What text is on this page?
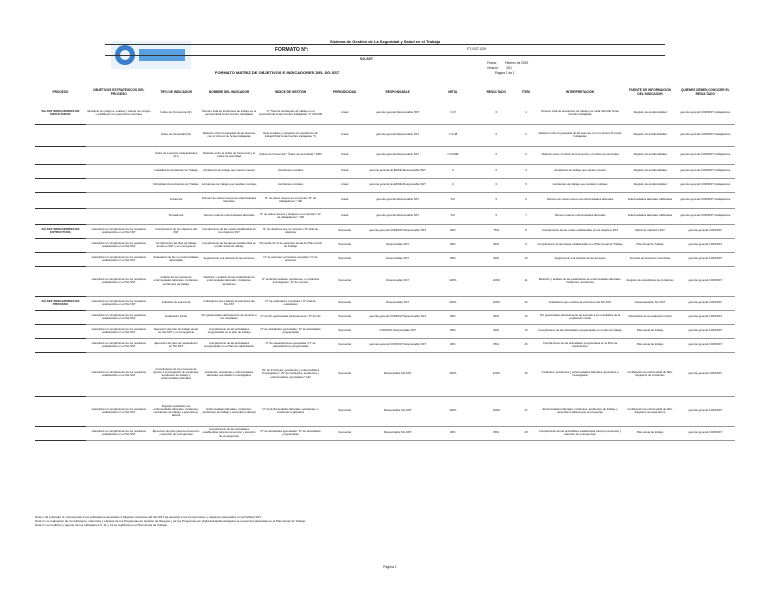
Sistema de Gestión de La Seguridad y Salud en el Trabajo
FORMATO N°:	FT-SST-029
SG-SST
FORMATO MATRIZ DE OBJETIVOS E INDICADORES DEL SG-SST
Fecha:	Febrero de 2019
Versión:	001
Página 1 de 1
PROCESO	OBJETIVOS ESTRATEGICOS DEL PROCESO	TIPO DE INDICADOR	NOMBRE DEL INDICADOR	INDICE DE GESTIÓN	PERIODICIDAD	RESPONSABLE	META	RESULTADO	ÍTEM	INTERPRETACIÓN	FUENTE DE INFORMACIÓN DEL INDICADOR	QUIENES DEBEN CONOCER EL RESULTADO
SG-SST INDICADORES DE RESULTADOS	Identificar los peligros, evaluar y valorar los riesgos y establecer los respectivos controles	Índice de Frecuencia (IF)	Número total de accidentes de trabajo en el periodo/Total horas hombre trabajadas	N° Total de accidentes de trabajo en el periodo/Total horas hombre trabajadas * K 240.000	Anual	gerente general Responsable SST	<=17	0	1	Número total de accidentes de trabajo por cada 240.000 horas hombre trabajadas	Registro de accidentalidad	gerente general COPASST trabajadores
		Índice de Severidad (IS)	Relación entre la gravedad de las lesiones con el número de horas trabajadas	Días perdidos y cargados por accidentes de trabajo/Total horas hombre trabajadas * K	Anual	gerente general Responsable SST	<=0.48	0	2	Relación entre la gravedad de las lesiones con el número de horas trabajadas	Registro de accidentalidad	gerente general COPASST trabajadores
		Índice de Lesiones Incapacitantes (ILI)	Relación entre el índice de frecuencia y el índice de severidad	(Índice de frecuencia * Índice de severidad) / 1000	Anual	gerente general Responsable SST	<=0.0082	0	3	Relación entre el índice de frecuencia y el índice de severidad	Registro de accidentalidad	gerente general COPASST trabajadores
		Letalidad de Accidentes de Trabajo	Accidentes de trabajo que causan muerte	Accidentes mortales	Anual	gerente general de ERNIH Responsable SST	0	0	4	Accidentes de trabajo que causan muerte	Registro de accidentalidad	gerente general COPASST trabajadores
		Mortalidad de Accidentes de Trabajo	Accidentes de trabajo que resultan mortales	Accidentes mortales	Anual	gerente general de ERNIH Responsable SST	0	0	5	Accidentes de trabajo que resultan mortales	Registro de accidentalidad	gerente general COPASST trabajadores
		Incidencia	Número de casos nuevos de enfermedades laborales	N° de casos nuevos en el periodo / N° de trabajadores * 100	Anual	gerente general Responsable SST	0%	0	6	Número de casos nuevos de enfermedades laborales	Enfermedades laborales calificadas	gerente general COPASST trabajadores
		Prevalencia	Número total de enfermedades laborales	N° de casos nuevos y antiguos en el periodo / N° de trabajadores * 100	Anual	gerente general Responsable SST	0%	0	7	Número total de enfermedades laborales	Enfermedades laborales calificadas	gerente general COPASST trabajadores
SG-SST INDICADORES DE ESTRUCTURA	Garantizar el cumplimiento de los requisitos establecidos en el SG-SST	Cumplimiento de los objetivos del SST	Cumplimiento de las metas establecidas en los objetivos SST	N° de objetivos que se cumplen / N° total de objetivos	Semestral	gerente general COPASST Responsable SST	90%	75%	8	Cumplimiento de las metas establecidas en los objetivos SST	Matriz de objetivos SST	gerente general COPASST
	Garantizar el cumplimiento de los requisitos establecidos en el SG-SST	Cumplimiento del plan de trabajo anual en SST y su cronograma	Cumplimiento de las tareas establecidas en el plan anual de trabajo	Promedio de % de ejecución anual del Plan Anual de Trabajo	Semestral	Responsable SST	90%	86%	9	Cumplimiento de las tareas establecidas en el Plan Anual de Trabajo	Plan Anual de Trabajo	gerente general COPASST
	Garantizar el cumplimiento de los requisitos establecidos en el SG-SST	Evaluación de las no conformidades detectadas	Seguimiento a la eficacia de las acciones	N° de acciones correctivas cerradas / N° de acciones	Semestral	Responsable SST	90%	80%	10	Seguimiento a la eficacia de las acciones	Formato de acciones correctivas	gerente general COPASST
	Garantizar el cumplimiento de los requisitos establecidos en el SG-SST	Análisis de las causas de enfermedades laborales, incidentes, accidentes de trabajo	Medición y análisis de las estadísticas de enfermedades laborales, incidentes, accidentes	N° de Enfermedades, accidentes, e incidentes investigados / N° de eventos	Semestral	Responsable SST	100%	100%	11	Medición y análisis de las estadísticas de enfermedades laborales, incidentes, accidentes	Registro de estadísticas de incidentes	gerente general COPASST
SG-SST INDICADORES DE PROCESO	Garantizar el cumplimiento de los requisitos establecidos en el SG-SST	Indicador de estructura	Indicadores que evalúan la estructura del SG-SST	N° de estándares cumplidos / N° total de estándares	Semestral	Responsable SST	100%	100%	12	Indicadores que evalúan la estructura del SG-SST	Autoevaluación SG-SST	gerente general COPASST
	Garantizar el cumplimiento de los requisitos establecidos en el SG-SST	Evaluación Inicial	NC gestionadas efectivamente de acuerdo a los resultados	N° de NC gestionadas efectivamente / N° de NC	Semestral	gerente general COPASST Responsable SST	90%	86%	13	NC gestionadas efectivamente de acuerdo a los resultados de la evaluación inicial	Resultados de la evaluación inicial	gerente general COPASST
	Garantizar el cumplimiento de los requisitos establecidos en el SG-SST	Ejecución del plan de trabajo anual en SG-SST y su cronograma	Cumplimiento de las actividades programadas en el plan de trabajo	N° de actividades ejecutadas / N° de actividades programadas	Semestral	COPASST Responsable SST	90%	80%	14	Cumplimiento de las actividades programadas en el plan de trabajo	Plan anual de trabajo	gerente general COPASST
	Garantizar el cumplimiento de los requisitos establecidos en el SG-SST	Ejecución del plan de capacitación en SG-SST	Cumplimiento de las actividades programadas en el Plan de capacitación	N° de capacitaciones ejecutadas / N° de capacitaciones programadas	Semestral	gerente general COPASST Responsable SST	90%	86%	15	Cumplimiento de las actividades programadas en el Plan de capacitación	Plan anual de trabajo	gerente general COPASST
	Garantizar el cumplimiento de los requisitos establecidos en el SG-SST	Cumplimiento de los procesos de reporte e investigación de incidentes, accidentes de trabajo y enfermedades laborales	Incidentes, accidentes y enfermedades laborales reportados e investigados	(N° de Incidentes, accidentes y enfermedades investigados) / (N° de incidentes, accidentes y enfermedades reportados) * 100	Semestral	Responsable SG-SST	100%	100%	16	Incidentes, accidentes y enfermedades laborales reportados e investigados	Certificación de enfermedad de ARL, Registros de incidentes	gerente general COPASST
	Garantizar el cumplimiento de los requisitos establecidos en el SG-SST	Registro estadístico de enfermedades laborales, incidentes, accidentes de trabajo y ausentismo laboral	Enfermedades laborales, incidentes, accidentes de trabajo y ausentismo laboral	N° de Enfermedades laborales, accidentes, e incidentes registrados	Semestral	Responsable SG-SST	100%	100%	17	Enfermedades laborales, incidentes, accidentes de trabajo y ausentismo laboral que se presentan	Certificación de enfermedad de ARL, Registros de ausentismo	gerente general COPASST
	Garantizar el cumplimiento de los requisitos establecidos en el SG-SST	Ejecución del plan para la prevención y atención de emergencias	Cumplimiento de las actividades establecidas para la prevención y atención de emergencias	N° de actividades ejecutadas / N° de actividades programadas	Semestral	Responsable SG-SST	90%	80%	18	Cumplimiento de las actividades establecidas para la prevención y atención de emergencias	Plan anual de trabajo	gerente general COPASST
Nota 1: El indicador IL corresponde a los indicadores asociados a Mejoras continuas del SG-SST de acuerdo a los compromisos y objetivos planteados en la Política SST.
Nota 2: La evaluación de cumplimiento, cobertura y eficacia de los Programas de Gestión de Riesgos y de los Programas de Vigilancia Epidemiológica se encuentra planteada en el Plan Anual de Trabajo.
Nota 3: La medición y reporte de los indicadores 5, 11 y 13 se realizará en el Plan Anual de Trabajo.
Página 1
